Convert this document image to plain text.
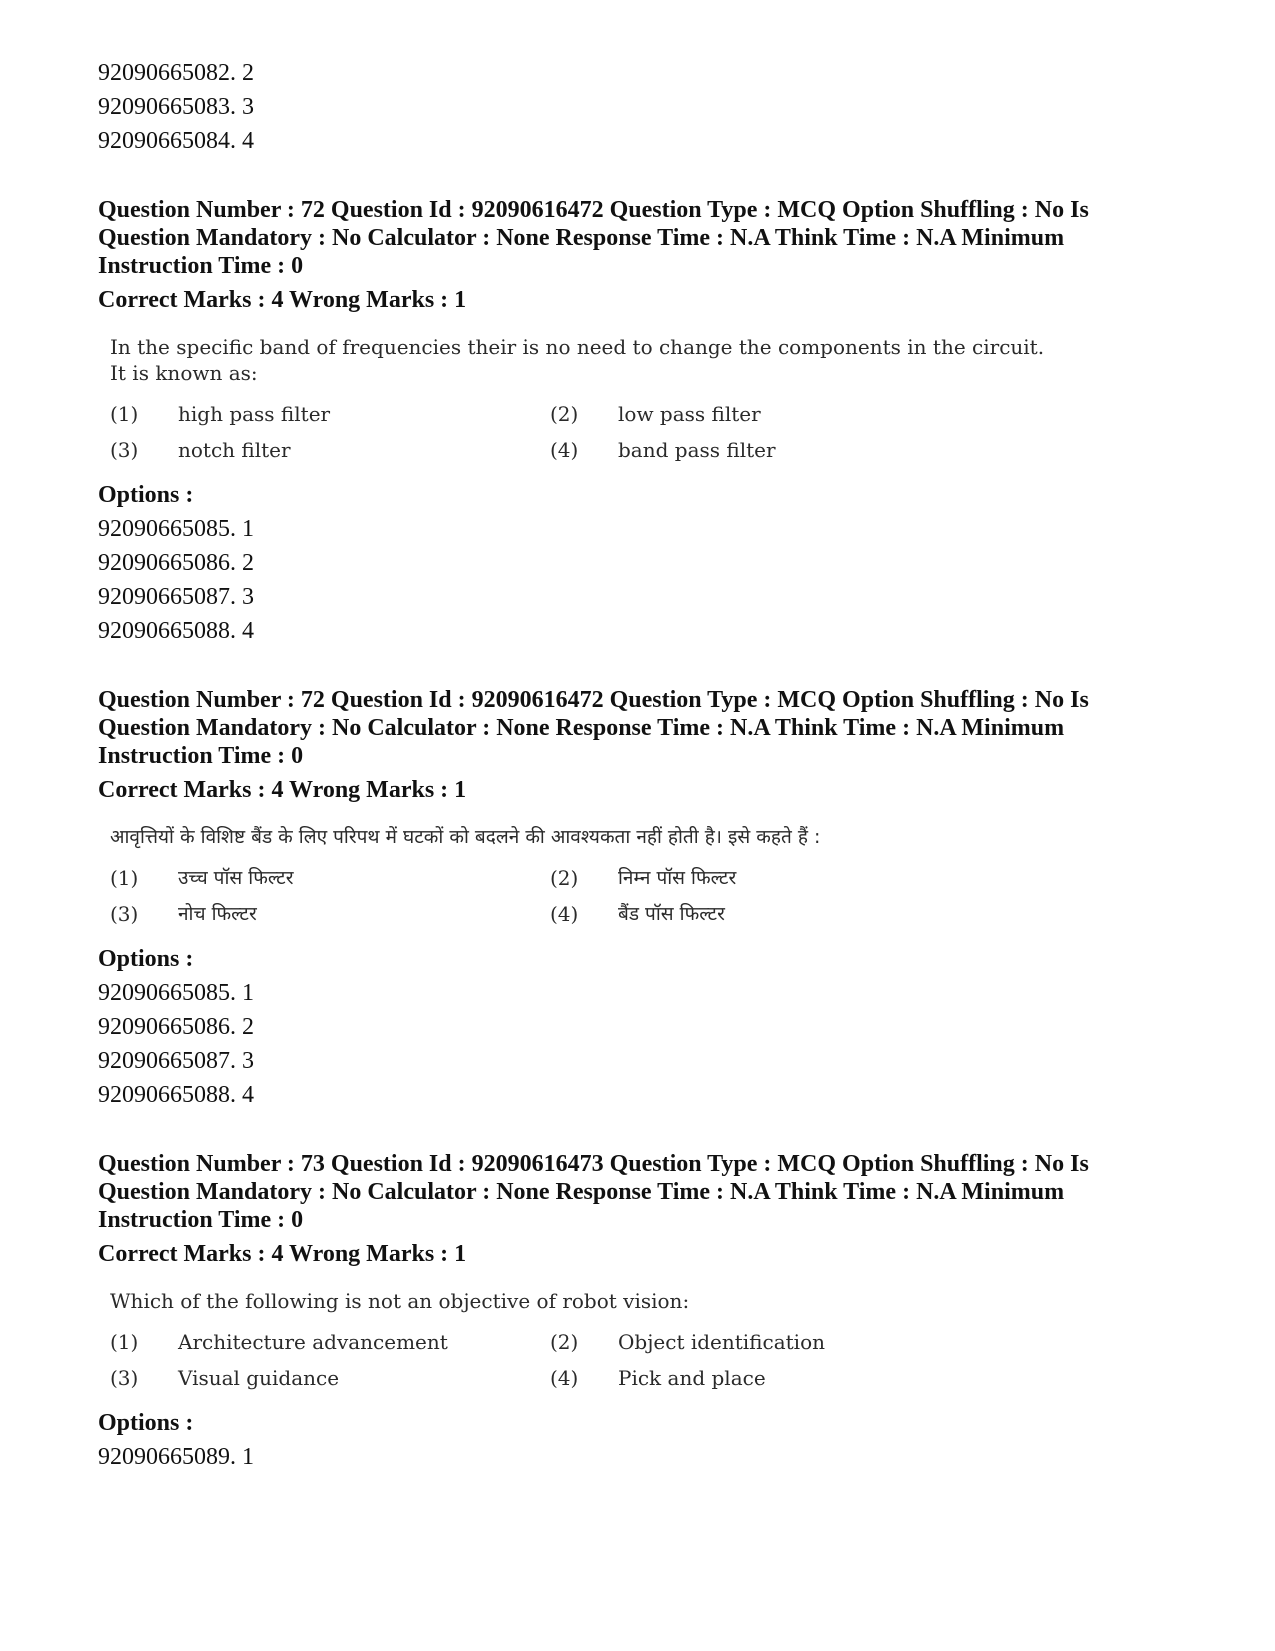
92090665082. 2
92090665083. 3
92090665084. 4
Question Number : 72 Question Id : 92090616472 Question Type : MCQ Option Shuffling : No Is Question Mandatory : No Calculator : None Response Time : N.A Think Time : N.A Minimum Instruction Time : 0
Correct Marks : 4 Wrong Marks : 1
In the specific band of frequencies their is no need to change the components in the circuit. It is known as:
(1)	high pass filter	(2)	low pass filter
(3)	notch filter	(4)	band pass filter
Options :
92090665085. 1
92090665086. 2
92090665087. 3
92090665088. 4
Question Number : 72 Question Id : 92090616472 Question Type : MCQ Option Shuffling : No Is Question Mandatory : No Calculator : None Response Time : N.A Think Time : N.A Minimum Instruction Time : 0
Correct Marks : 4 Wrong Marks : 1
आवृत्तियों के विशिष्ट बैंड के लिए परिपथ में घटकों को बदलने की आवश्यकता नहीं होती है। इसे कहते हैं :
(1)	उच्च पॉस फिल्टर	(2)	निम्न पॉस फिल्टर
(3)	नोच फिल्टर	(4)	बैंड पॉस फिल्टर
Options :
92090665085. 1
92090665086. 2
92090665087. 3
92090665088. 4
Question Number : 73 Question Id : 92090616473 Question Type : MCQ Option Shuffling : No Is Question Mandatory : No Calculator : None Response Time : N.A Think Time : N.A Minimum Instruction Time : 0
Correct Marks : 4 Wrong Marks : 1
Which of the following is not an objective of robot vision:
(1)	Architecture advancement	(2)	Object identification
(3)	Visual guidance	(4)	Pick and place
Options :
92090665089. 1
